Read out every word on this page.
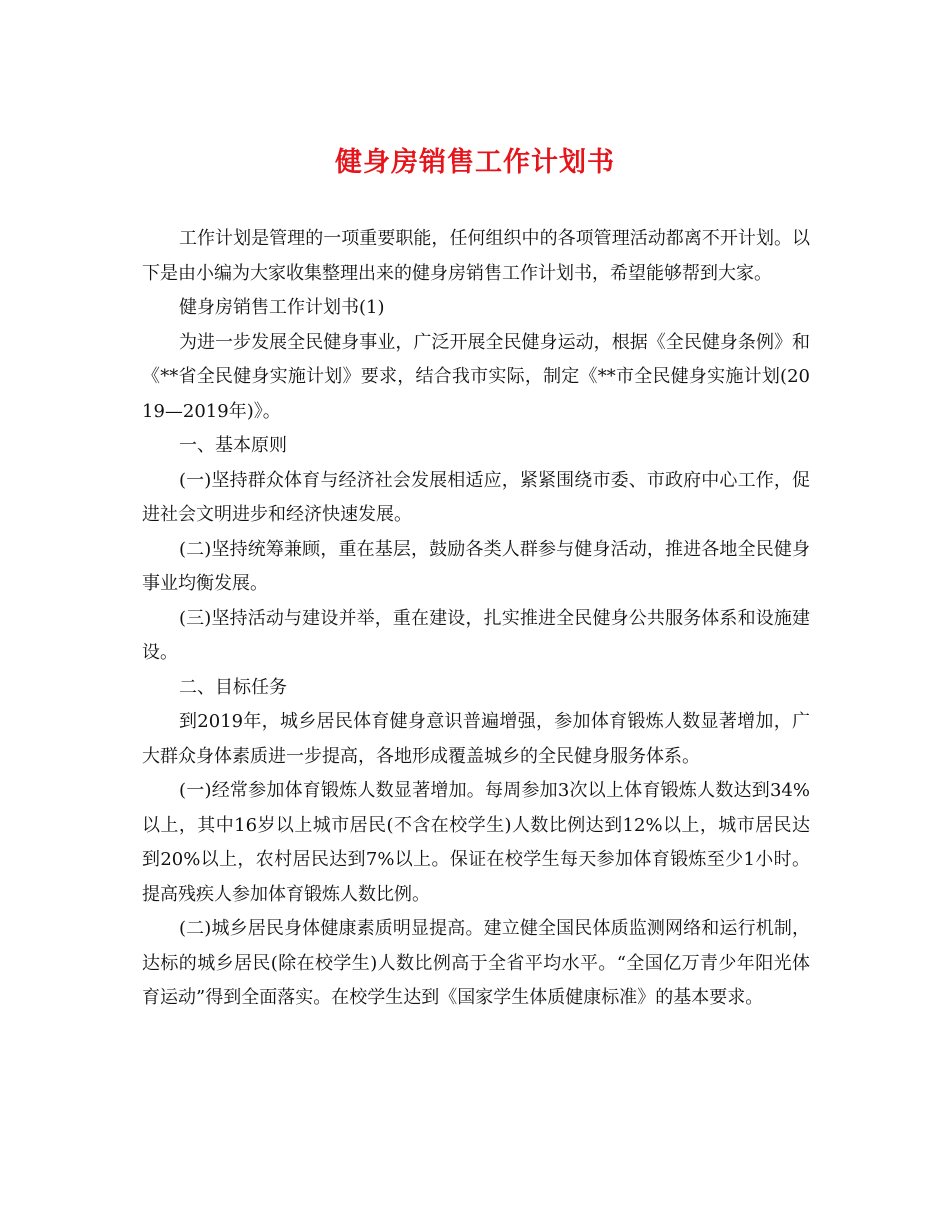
健身房销售工作计划书

工作计划是管理的一项重要职能，任何组织中的各项管理活动都离不开计划。以下是由小编为大家收集整理出来的健身房销售工作计划书，希望能够帮到大家。

健身房销售工作计划书(1)

为进一步发展全民健身事业，广泛开展全民健身运动，根据《全民健身条例》和《**省全民健身实施计划》要求，结合我市实际，制定《**市全民健身实施计划(2019—2019年)》。

一、基本原则

(一)坚持群众体育与经济社会发展相适应，紧紧围绕市委、市政府中心工作，促进社会文明进步和经济快速发展。

(二)坚持统筹兼顾，重在基层，鼓励各类人群参与健身活动，推进各地全民健身事业均衡发展。

(三)坚持活动与建设并举，重在建设，扎实推进全民健身公共服务体系和设施建设。

二、目标任务

到2019年，城乡居民体育健身意识普遍增强，参加体育锻炼人数显著增加，广大群众身体素质进一步提高，各地形成覆盖城乡的全民健身服务体系。

(一)经常参加体育锻炼人数显著增加。每周参加3次以上体育锻炼人数达到34%以上，其中16岁以上城市居民(不含在校学生)人数比例达到12%以上，城市居民达到20%以上，农村居民达到7%以上。保证在校学生每天参加体育锻炼至少1小时。提高残疾人参加体育锻炼人数比例。

(二)城乡居民身体健康素质明显提高。建立健全国民体质监测网络和运行机制，达标的城乡居民(除在校学生)人数比例高于全省平均水平。“全国亿万青少年阳光体育运动”得到全面落实。在校学生达到《国家学生体质健康标准》的基本要求。
